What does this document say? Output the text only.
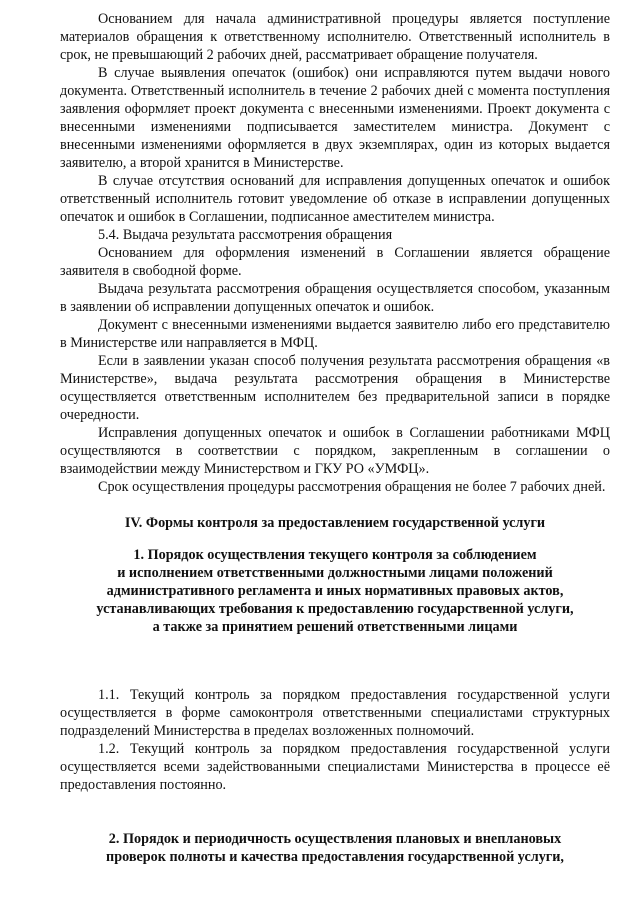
Основанием для начала административной процедуры является поступление материалов обращения к ответственному исполнителю. Ответственный исполнитель в срок, не превышающий 2 рабочих дней, рассматривает обращение получателя.

В случае выявления опечаток (ошибок) они исправляются путем выдачи нового документа. Ответственный исполнитель в течение 2 рабочих дней с момента поступления заявления оформляет проект документа с внесенными изменениями. Проект документа с внесенными изменениями подписывается заместителем министра. Документ с внесенными изменениями оформляется в двух экземплярах, один из которых выдается заявителю, а второй хранится в Министерстве.

В случае отсутствия оснований для исправления допущенных опечаток и ошибок ответственный исполнитель готовит уведомление об отказе в исправлении допущенных опечаток и ошибок в Соглашении, подписанное аместителем министра.

5.4. Выдача результата рассмотрения обращения

Основанием для оформления изменений в Соглашении является обращение заявителя в свободной форме.

Выдача результата рассмотрения обращения осуществляется способом, указанным в заявлении об исправлении допущенных опечаток и ошибок.

Документ с внесенными изменениями выдается заявителю либо его представителю в Министерстве или направляется в МФЦ.

Если в заявлении указан способ получения результата рассмотрения обращения «в Министерстве», выдача результата рассмотрения обращения в Министерстве осуществляется ответственным исполнителем без предварительной записи в порядке очередности.

Исправления допущенных опечаток и ошибок в Соглашении работниками МФЦ осуществляются в соответствии с порядком, закрепленным в соглашении о взаимодействии между Министерством и ГКУ РО «УМФЦ».

Срок осуществления процедуры рассмотрения обращения не более 7 рабочих дней.

IV. Формы контроля за предоставлением государственной услуги

1. Порядок осуществления текущего контроля за соблюдением
и исполнением ответственными должностными лицами положений
административного регламента и иных нормативных правовых актов,
устанавливающих требования к предоставлению государственной услуги,
а также за принятием решений ответственными лицами

1.1. Текущий контроль за порядком предоставления государственной услуги осуществляется в форме самоконтроля ответственными специалистами структурных подразделений Министерства в пределах возложенных полномочий.

1.2. Текущий контроль за порядком предоставления государственной услуги осуществляется всеми задействованными специалистами Министерства в процессе её предоставления постоянно.

2. Порядок и периодичность осуществления плановых и внеплановых
проверок полноты и качества предоставления государственной услуги,
